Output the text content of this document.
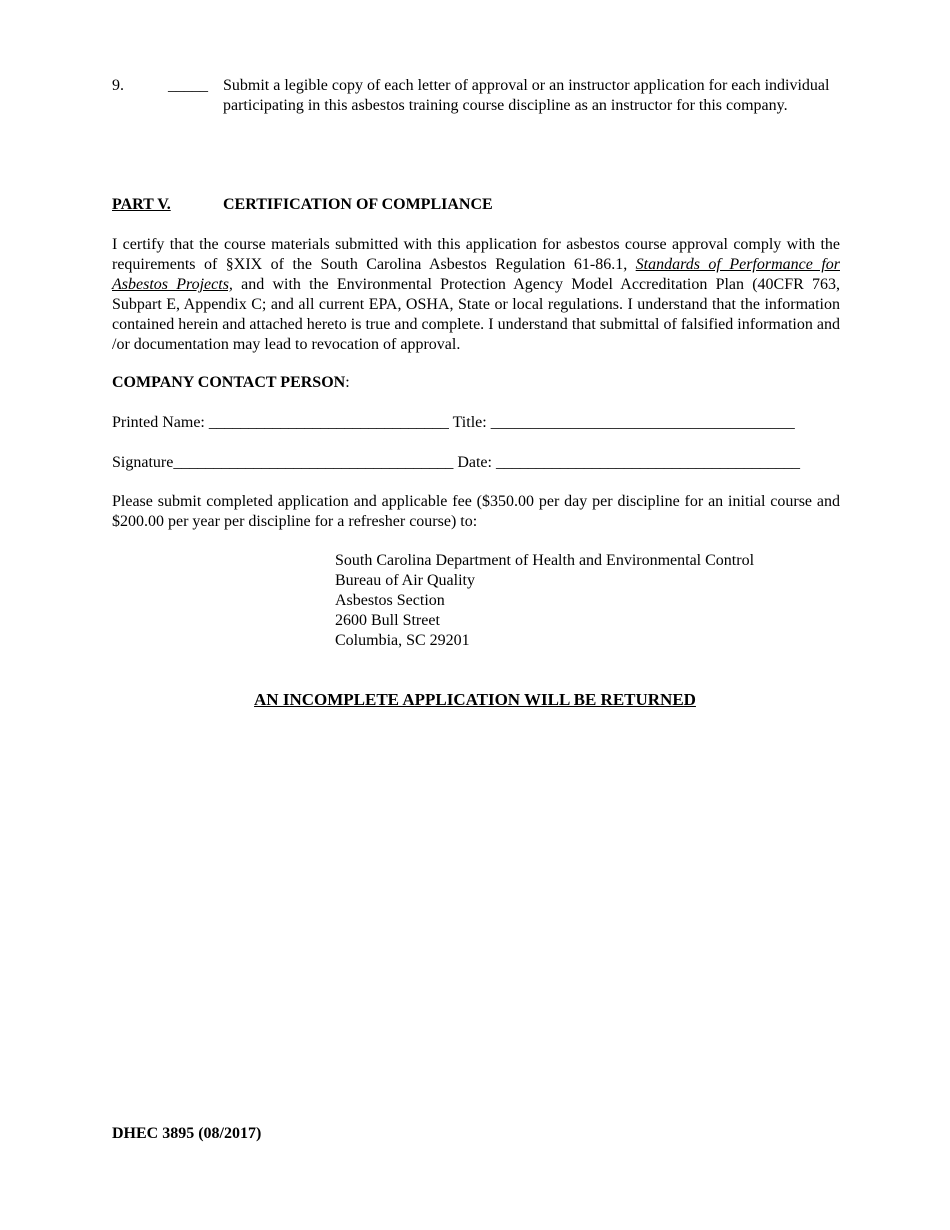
9.	_____ Submit a legible copy of each letter of approval or an instructor application for each individual participating in this asbestos training course discipline as an instructor for this company.
PART V.	CERTIFICATION OF COMPLIANCE
I certify that the course materials submitted with this application for asbestos course approval comply with the requirements of §XIX of the South Carolina Asbestos Regulation 61-86.1, Standards of Performance for Asbestos Projects, and with the Environmental Protection Agency Model Accreditation Plan (40CFR 763, Subpart E, Appendix C; and all current EPA, OSHA, State or local regulations. I understand that the information contained herein and attached hereto is true and complete. I understand that submittal of falsified information and /or documentation may lead to revocation of approval.
COMPANY CONTACT PERSON:
Printed Name: ______________________________ Title: ______________________________________
Signature___________________________________ Date: ______________________________________
Please submit completed application and applicable fee ($350.00 per day per discipline for an initial course and $200.00 per year per discipline for a refresher course) to:
South Carolina Department of Health and Environmental Control
Bureau of Air Quality
Asbestos Section
2600 Bull Street
Columbia, SC 29201
AN INCOMPLETE APPLICATION WILL BE RETURNED
DHEC 3895 (08/2017)
